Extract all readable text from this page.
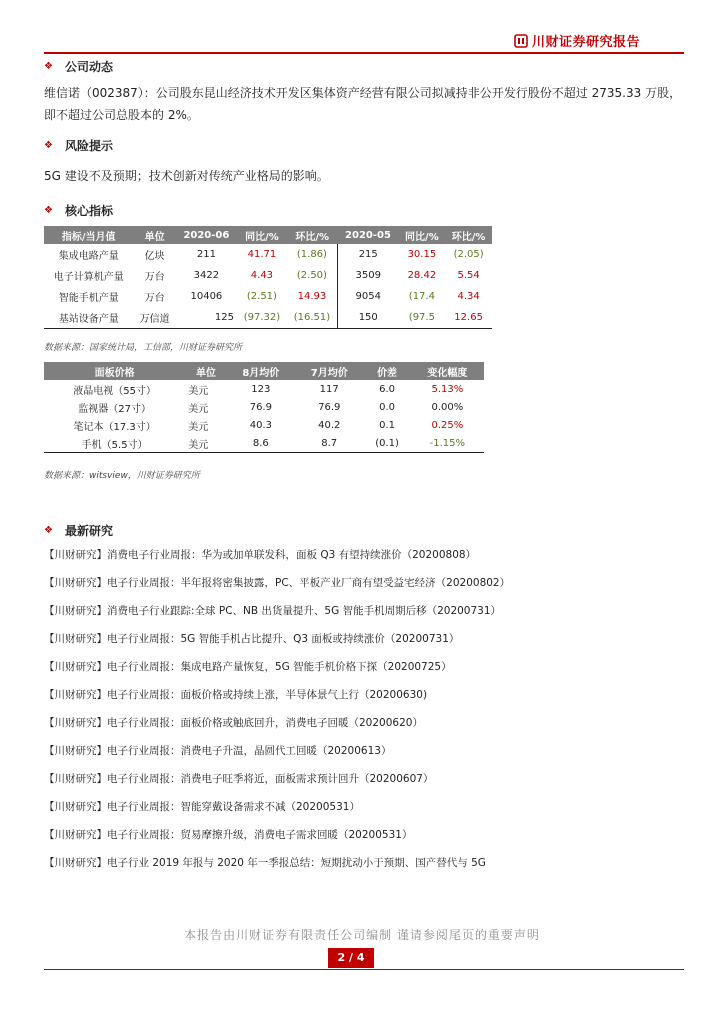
川财证券研究报告
❖ 公司动态
维信诺（002387）：公司股东昆山经济技术开发区集体资产经营有限公司拟减持非公开发行股份不超过 2735.33 万股，即不超过公司总股本的 2%。
❖ 风险提示
5G 建设不及预期；技术创新对传统产业格局的影响。
❖ 核心指标
指标/当月值	单位	2020-06	同比/%	环比/%	2020-05	同比/%	环比/%
集成电路产量	亿块	211	41.71	(1.86)	215	30.15	(2.05)
电子计算机产量	万台	3422	4.43	(2.50)	3509	28.42	5.54
智能手机产量	万台	10406	(2.51)	14.93	9054	(17.4	4.34
基站设备产量	万信道	125	(97.32)	(16.51)	150	(97.5	12.65
数据来源：国家统计局，工信部，川财证券研究所
面板价格	单位	8月均价	7月均价	价差	变化幅度
液晶电视（55寸）	美元	123	117	6.0	5.13%
监视器（27寸）	美元	76.9	76.9	0.0	0.00%
笔记本（17.3寸）	美元	40.3	40.2	0.1	0.25%
手机（5.5寸）	美元	8.6	8.7	(0.1)	-1.15%
数据来源：witsview，川财证券研究所
❖ 最新研究
【川财研究】消费电子行业周报：华为或加单联发科，面板 Q3 有望持续涨价（20200808）
【川财研究】电子行业周报：半年报将密集披露，PC、平板产业厂商有望受益宅经济（20200802）
【川财研究】消费电子行业跟踪:全球 PC、NB 出货量提升、5G 智能手机周期后移（20200731）
【川财研究】电子行业周报：5G 智能手机占比提升、Q3 面板或持续涨价（20200731）
【川财研究】电子行业周报：集成电路产量恢复，5G 智能手机价格下探（20200725）
【川财研究】电子行业周报：面板价格或持续上涨，半导体景气上行（20200630)
【川财研究】电子行业周报：面板价格或触底回升，消费电子回暖（20200620）
【川财研究】电子行业周报：消费电子升温，晶圆代工回暖（20200613）
【川财研究】电子行业周报：消费电子旺季将近，面板需求预计回升（20200607）
【川财研究】电子行业周报：智能穿戴设备需求不减（20200531）
【川财研究】电子行业周报：贸易摩擦升级，消费电子需求回暖（20200531）
【川财研究】电子行业 2019 年报与 2020 年一季报总结：短期扰动小于预期、国产替代与 5G
本报告由川财证券有限责任公司编制 谨请参阅尾页的重要声明
2 / 4
